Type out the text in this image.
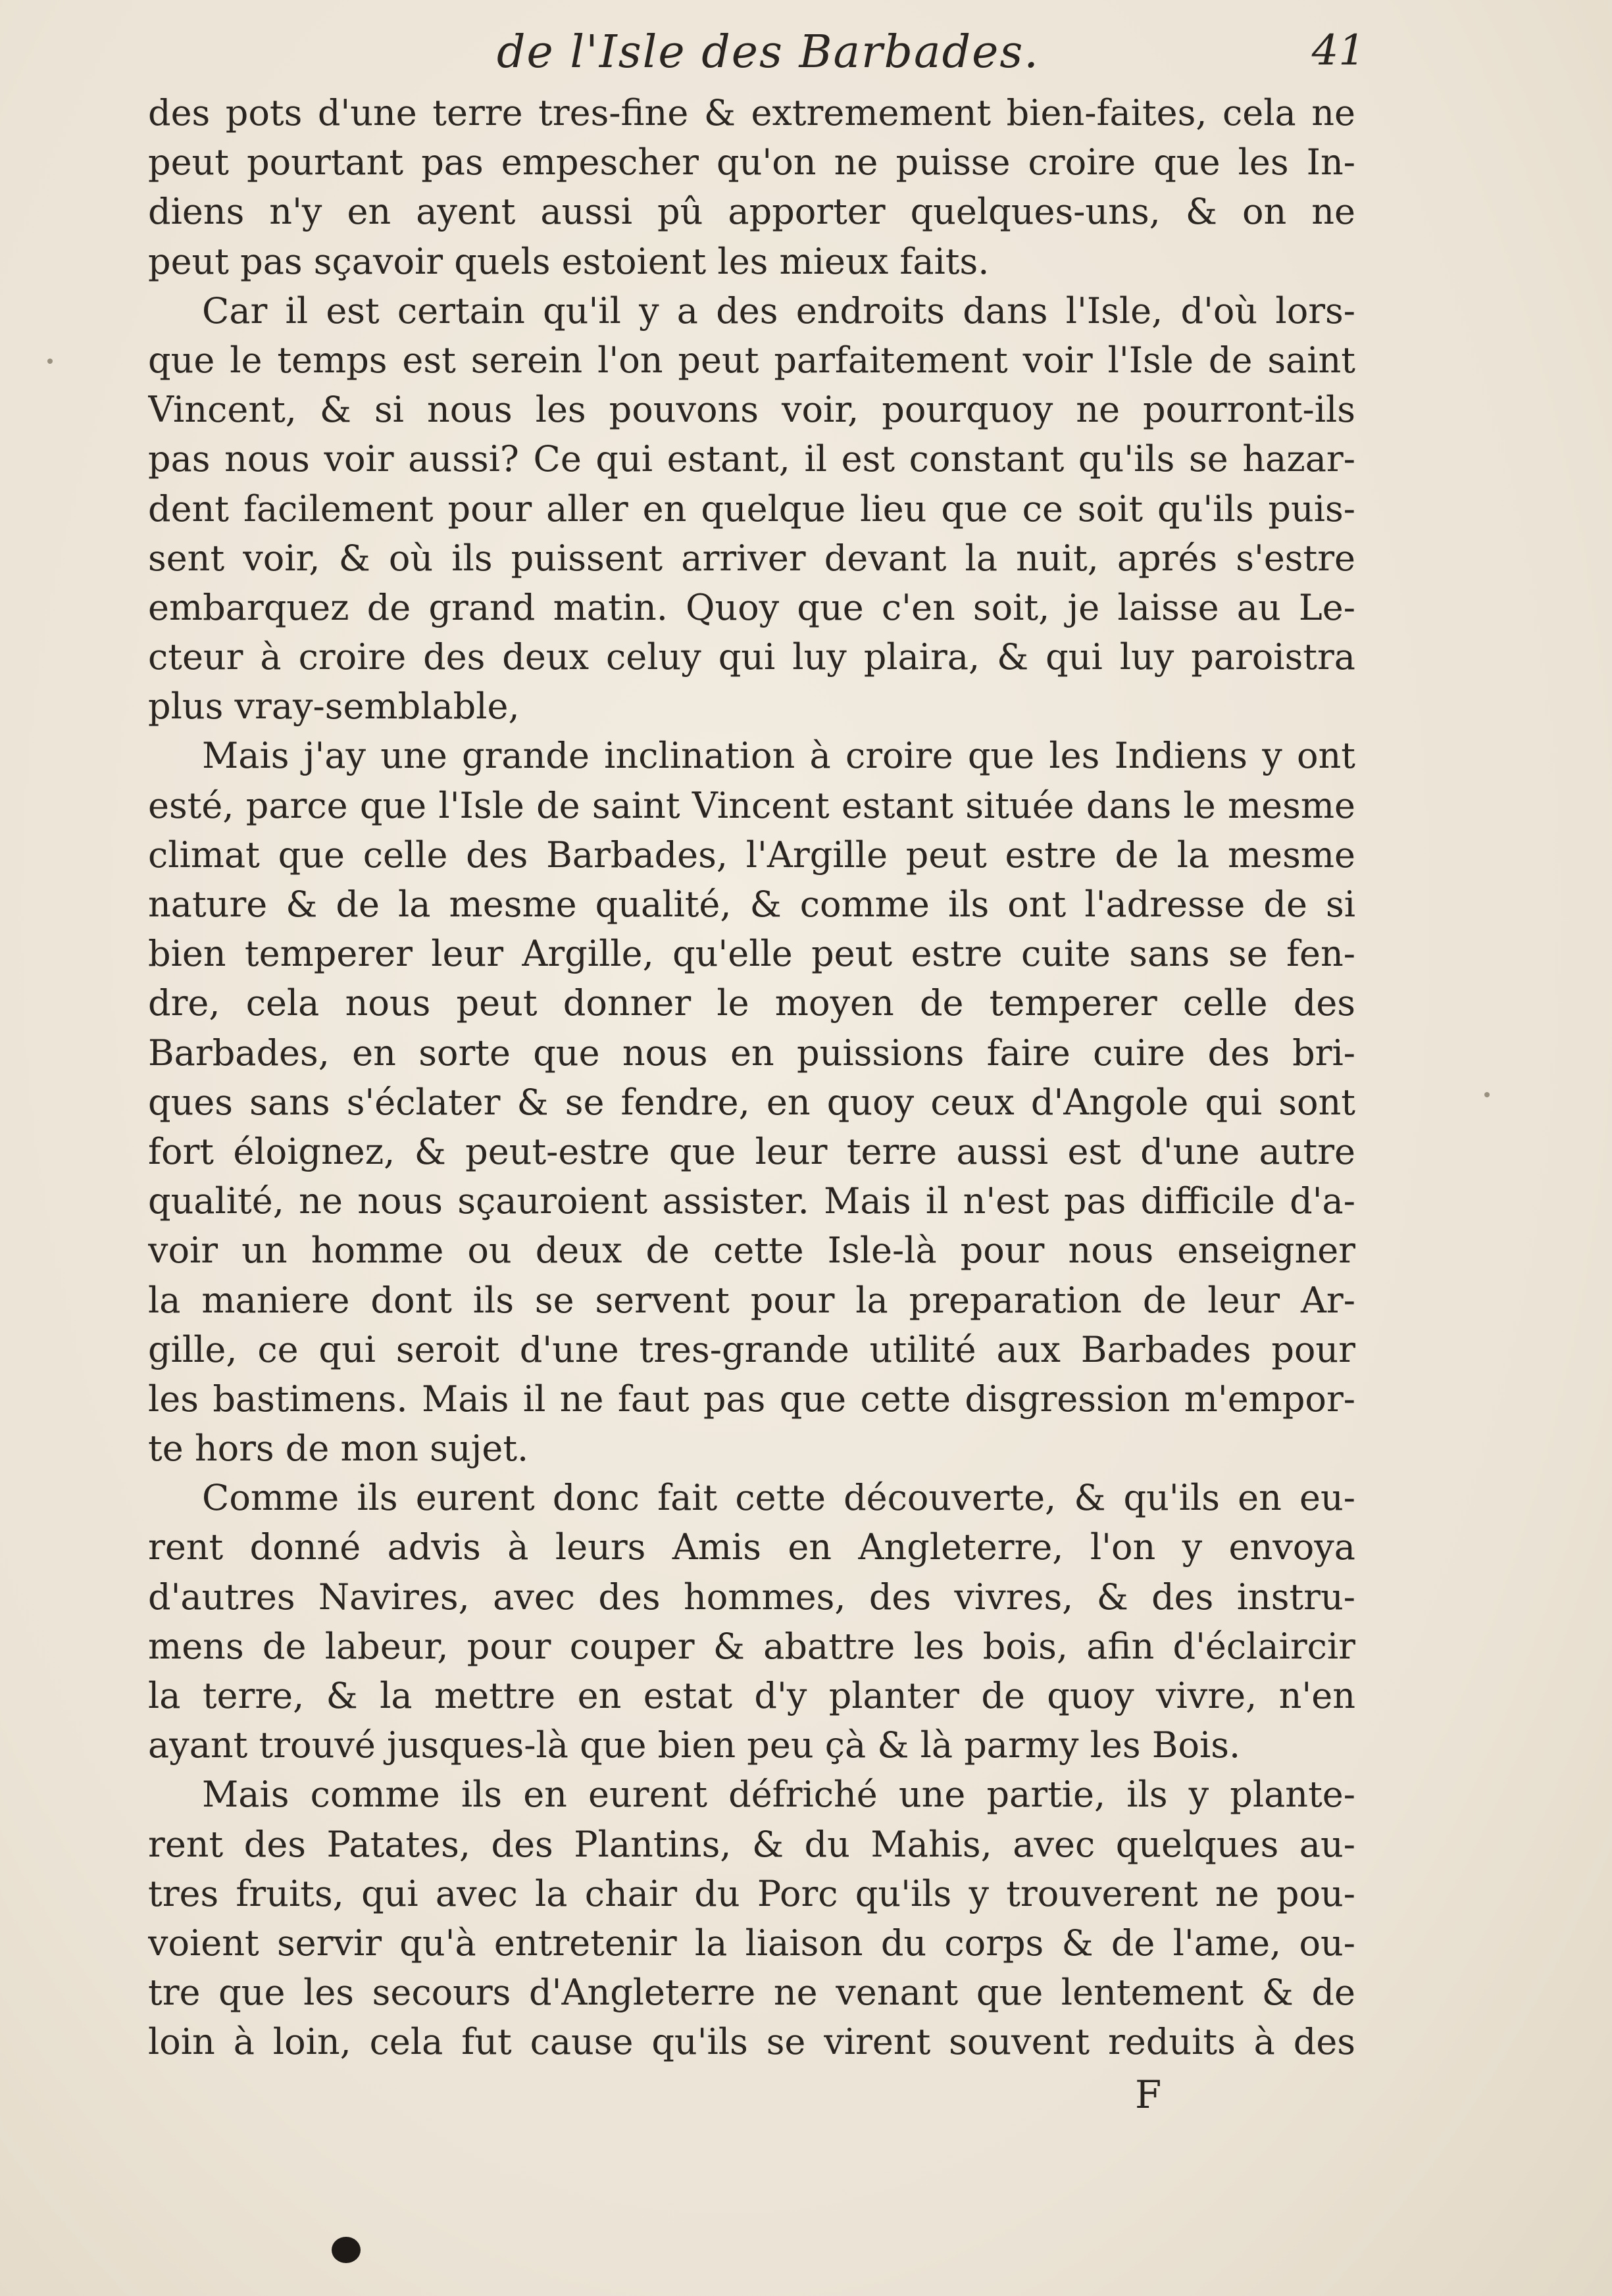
de l'Isle des Barbades.	41
des pots d'une terre tres-fine & extremement bien-faites, cela ne
peut pourtant pas empescher qu'on ne puisse croire que les In-
diens n'y en ayent aussi pû apporter quelques-uns, & on ne
peut pas sçavoir quels estoient les mieux faits.
Car il est certain qu'il y a des endroits dans l'Isle, d'où lors-
que le temps est serein l'on peut parfaitement voir l'Isle de saint
Vincent, & si nous les pouvons voir, pourquoy ne pourront-ils
pas nous voir aussi? Ce qui estant, il est constant qu'ils se hazar-
dent facilement pour aller en quelque lieu que ce soit qu'ils puis-
sent voir, & où ils puissent arriver devant la nuit, aprés s'estre
embarquez de grand matin. Quoy que c'en soit, je laisse au Le-
cteur à croire des deux celuy qui luy plaira, & qui luy paroistra
plus vray-semblable,
Mais j'ay une grande inclination à croire que les Indiens y ont
esté, parce que l'Isle de saint Vincent estant située dans le mesme
climat que celle des Barbades, l'Argille peut estre de la mesme
nature & de la mesme qualité, & comme ils ont l'adresse de si
bien temperer leur Argille, qu'elle peut estre cuite sans se fen-
dre, cela nous peut donner le moyen de temperer celle des
Barbades, en sorte que nous en puissions faire cuire des bri-
ques sans s'éclater & se fendre, en quoy ceux d'Angole qui sont
fort éloignez, & peut-estre que leur terre aussi est d'une autre
qualité, ne nous sçauroient assister. Mais il n'est pas difficile d'a-
voir un homme ou deux de cette Isle-là pour nous enseigner
la maniere dont ils se servent pour la preparation de leur Ar-
gille, ce qui seroit d'une tres-grande utilité aux Barbades pour
les bastimens. Mais il ne faut pas que cette disgression m'empor-
te hors de mon sujet.
Comme ils eurent donc fait cette découverte, & qu'ils en eu-
rent donné advis à leurs Amis en Angleterre, l'on y envoya
d'autres Navires, avec des hommes, des vivres, & des instru-
mens de labeur, pour couper & abattre les bois, afin d'éclaircir
la terre, & la mettre en estat d'y planter de quoy vivre, n'en
ayant trouvé jusques-là que bien peu çà & là parmy les Bois.
Mais comme ils en eurent défriché une partie, ils y plante-
rent des Patates, des Plantins, & du Mahis, avec quelques au-
tres fruits, qui avec la chair du Porc qu'ils y trouverent ne pou-
voient servir qu'à entretenir la liaison du corps & de l'ame, ou-
tre que les secours d'Angleterre ne venant que lentement & de
loin à loin, cela fut cause qu'ils se virent souvent reduits à des
F
